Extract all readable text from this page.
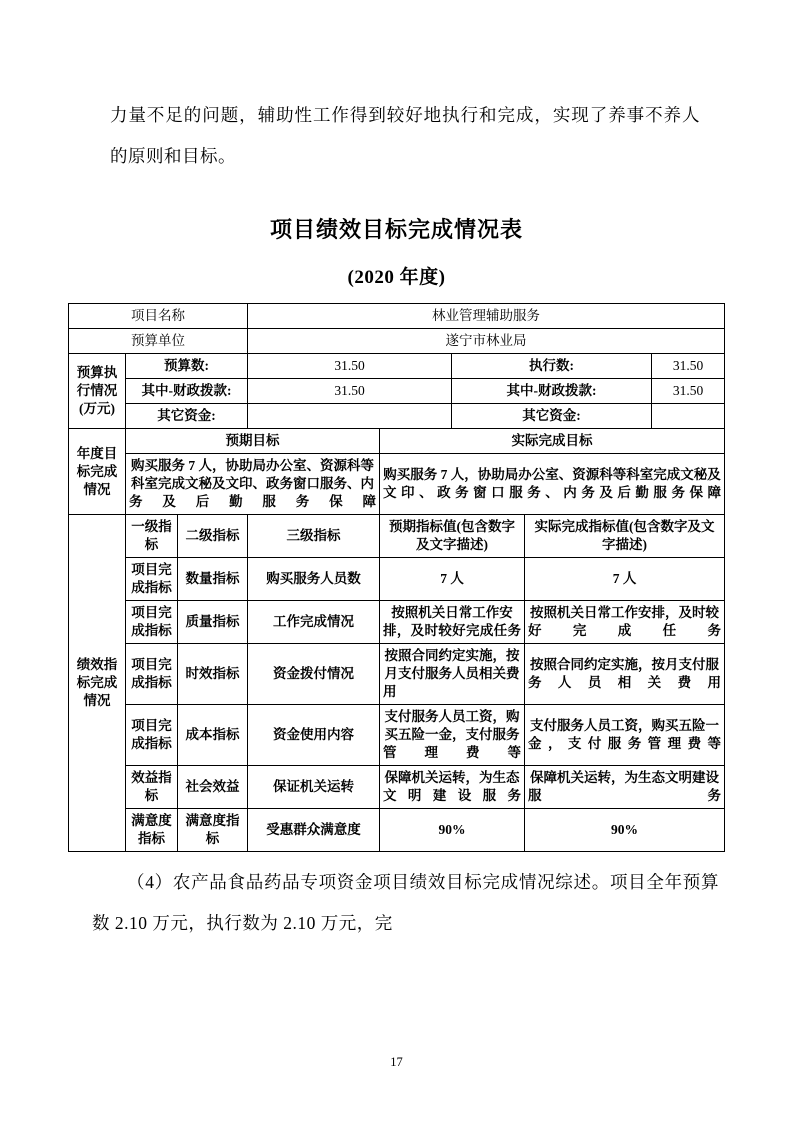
力量不足的问题，辅助性工作得到较好地执行和完成，实现了养事不养人的原则和目标。
项目绩效目标完成情况表
(2020 年度)
项目名称			林业管理辅助服务				
预算单位			遂宁市林业局				
预算执行情况(万元)	预算数:		31.50		执行数:		31.50
	其中-财政拨款:		31.50		其中-财政拨款:		31.50
	其它资金:				其它资金:		
年度目标完成情况	预期目标			实际完成目标			
	购买服务 7 人，协助局办公室、资源科等科室完成文秘及文印、政务窗口服务、内务及后勤服务保障			购买服务 7 人，协助局办公室、资源科等科室完成文秘及文印、政务窗口服务、内务及后勤服务保障			
绩效指标完成情况	一级指标	二级指标	三级指标	预期指标值(包含数字及文字描述)		实际完成指标值(包含数字及文字描述)	
	项目完成指标	数量指标	购买服务人员数	7 人		7 人	
	项目完成指标	质量指标	工作完成情况	按照机关日常工作安排，及时较好完成任务		按照机关日常工作安排，及时较好完成任务	
	项目完成指标	时效指标	资金拨付情况	按照合同约定实施，按月支付服务人员相关费用		按照合同约定实施，按月支付服务人员相关费用	
	项目完成指标	成本指标	资金使用内容	支付服务人员工资，购买五险一金，支付服务管理费等		支付服务人员工资，购买五险一金，支付服务管理费等	
	效益指标	社会效益	保证机关运转	保障机关运转，为生态文明建设服务		保障机关运转，为生态文明建设服务	
	满意度指标	满意度指标	受惠群众满意度	90%		90%	
（4）农产品食品药品专项资金项目绩效目标完成情况综述。项目全年预算数 2.10 万元，执行数为 2.10 万元，完
17
